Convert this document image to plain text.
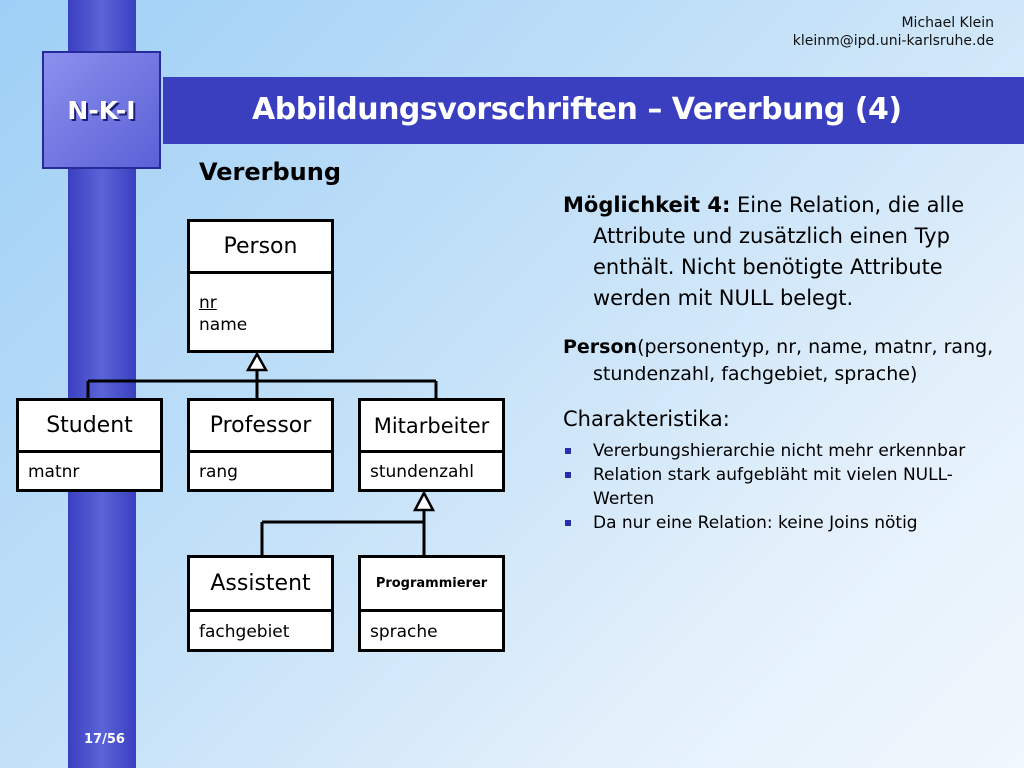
N-K-I
Michael Klein
kleinm@ipd.uni-karlsruhe.de
Abbildungsvorschriften – Vererbung (4)
Vererbung
Person
nr
name
Student
matnr
Professor
rang
Mitarbeiter
stundenzahl
Assistent
fachgebiet
Programmierer
sprache

Möglichkeit 4: Eine Relation, die alle Attribute und zusätzlich einen Typ enthält. Nicht benötigte Attribute werden mit NULL belegt.

Person(personentyp, nr, name, matnr, rang, stundenzahl, fachgebiet, sprache)

Charakteristika:

Vererbungshierarchie nicht mehr erkennbar
Relation stark aufgebläht mit vielen NULL-Werten
Da nur eine Relation: keine Joins nötig
17/56
